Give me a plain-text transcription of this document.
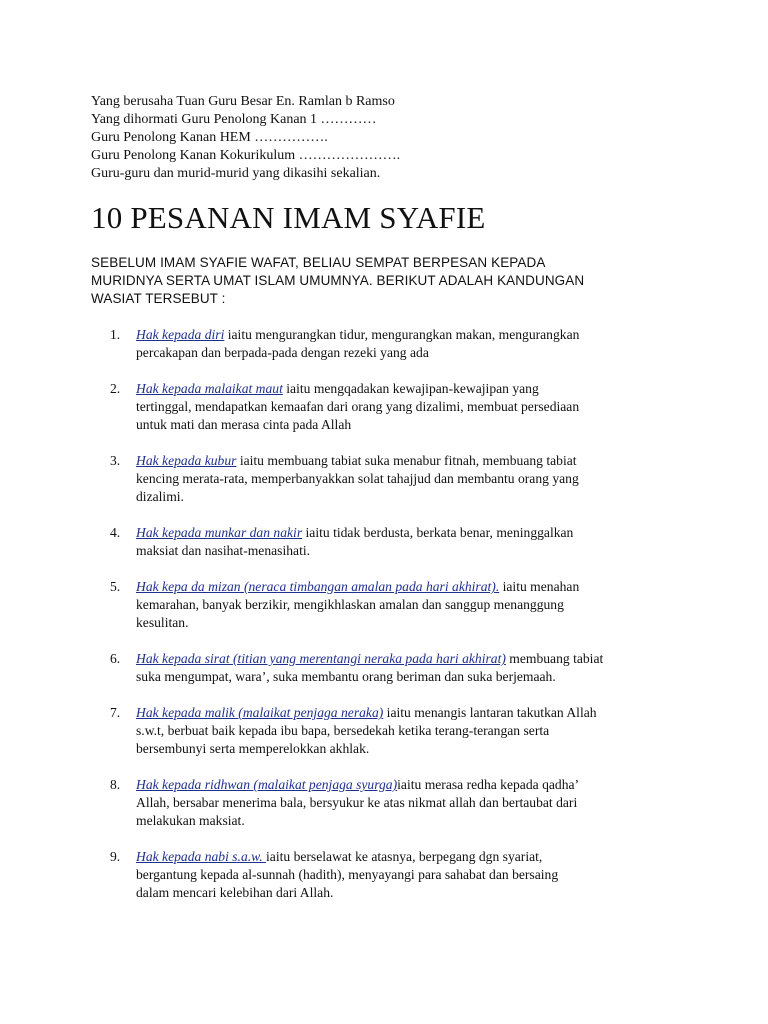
Yang berusaha Tuan Guru Besar En. Ramlan b Ramso
Yang dihormati Guru Penolong Kanan 1 …………
Guru Penolong Kanan HEM …………….
Guru Penolong Kanan Kokurikulum ………………….
Guru-guru dan murid-murid yang dikasihi sekalian.
10 PESANAN IMAM SYAFIE
SEBELUM IMAM SYAFIE WAFAT, BELIAU SEMPAT BERPESAN KEPADA
MURIDNYA SERTA UMAT ISLAM UMUMNYA. BERIKUT ADALAH KANDUNGAN
WASIAT TERSEBUT :
1. Hak kepada diri iaitu mengurangkan tidur, mengurangkan makan, mengurangkan
percakapan dan berpada-pada dengan rezeki yang ada
2. Hak kepada malaikat maut iaitu mengqadakan kewajipan-kewajipan yang
tertinggal, mendapatkan kemaafan dari orang yang dizalimi, membuat persediaan
untuk mati dan merasa cinta pada Allah
3. Hak kepada kubur iaitu membuang tabiat suka menabur fitnah, membuang tabiat
kencing merata-rata, memperbanyakkan solat tahajjud dan membantu orang yang
dizalimi.
4. Hak kepada munkar dan nakir iaitu tidak berdusta, berkata benar, meninggalkan
maksiat dan nasihat-menasihati.
5. Hak kepa da mizan (neraca timbangan amalan pada hari akhirat). iaitu menahan
kemarahan, banyak berzikir, mengikhlaskan amalan dan sanggup menanggung
kesulitan.
6. Hak kepada sirat (titian yang merentangi neraka pada hari akhirat) membuang tabiat
suka mengumpat, wara’, suka membantu orang beriman dan suka berjemaah.
7. Hak kepada malik (malaikat penjaga neraka) iaitu menangis lantaran takutkan Allah
s.w.t, berbuat baik kepada ibu bapa, bersedekah ketika terang-terangan serta
bersembunyi serta memperelokkan akhlak.
8. Hak kepada ridhwan (malaikat penjaga syurga)iaitu merasa redha kepada qadha’
Allah, bersabar menerima bala, bersyukur ke atas nikmat allah dan bertaubat dari
melakukan maksiat.
9. Hak kepada nabi s.a.w. iaitu berselawat ke atasnya, berpegang dgn syariat,
bergantung kepada al-sunnah (hadith), menyayangi para sahabat dan bersaing
dalam mencari kelebihan dari Allah.
